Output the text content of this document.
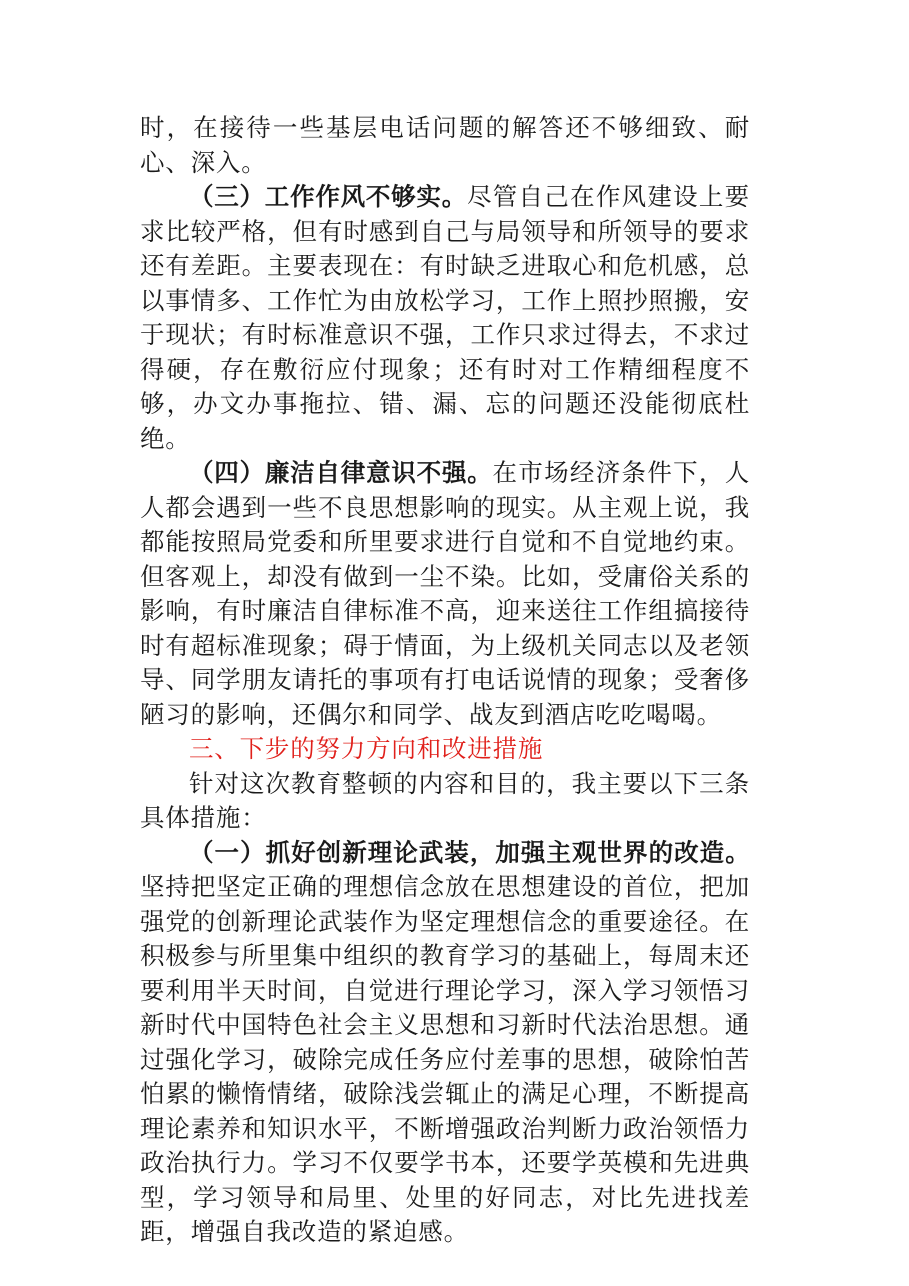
时，在接待一些基层电话问题的解答还不够细致、耐心、深入。

（三）工作作风不够实。尽管自己在作风建设上要求比较严格，但有时感到自己与局领导和所领导的要求还有差距。主要表现在：有时缺乏进取心和危机感，总以事情多、工作忙为由放松学习，工作上照抄照搬，安于现状；有时标准意识不强，工作只求过得去，不求过得硬，存在敷衍应付现象；还有时对工作精细程度不够，办文办事拖拉、错、漏、忘的问题还没能彻底杜绝。

（四）廉洁自律意识不强。在市场经济条件下，人人都会遇到一些不良思想影响的现实。从主观上说，我都能按照局党委和所里要求进行自觉和不自觉地约束。但客观上，却没有做到一尘不染。比如，受庸俗关系的影响，有时廉洁自律标准不高，迎来送往工作组搞接待时有超标准现象；碍于情面，为上级机关同志以及老领导、同学朋友请托的事项有打电话说情的现象；受奢侈陋习的影响，还偶尔和同学、战友到酒店吃吃喝喝。

三、下步的努力方向和改进措施

针对这次教育整顿的内容和目的，我主要以下三条具体措施：

（一）抓好创新理论武装，加强主观世界的改造。坚持把坚定正确的理想信念放在思想建设的首位，把加强党的创新理论武装作为坚定理想信念的重要途径。在积极参与所里集中组织的教育学习的基础上，每周末还要利用半天时间，自觉进行理论学习，深入学习领悟习新时代中国特色社会主义思想和习新时代法治思想。通过强化学习，破除完成任务应付差事的思想，破除怕苦怕累的懒惰情绪，破除浅尝辄止的满足心理，不断提高理论素养和知识水平，不断增强政治判断力政治领悟力政治执行力。学习不仅要学书本，还要学英模和先进典型，学习领导和局里、处里的好同志，对比先进找差距，增强自我改造的紧迫感。
